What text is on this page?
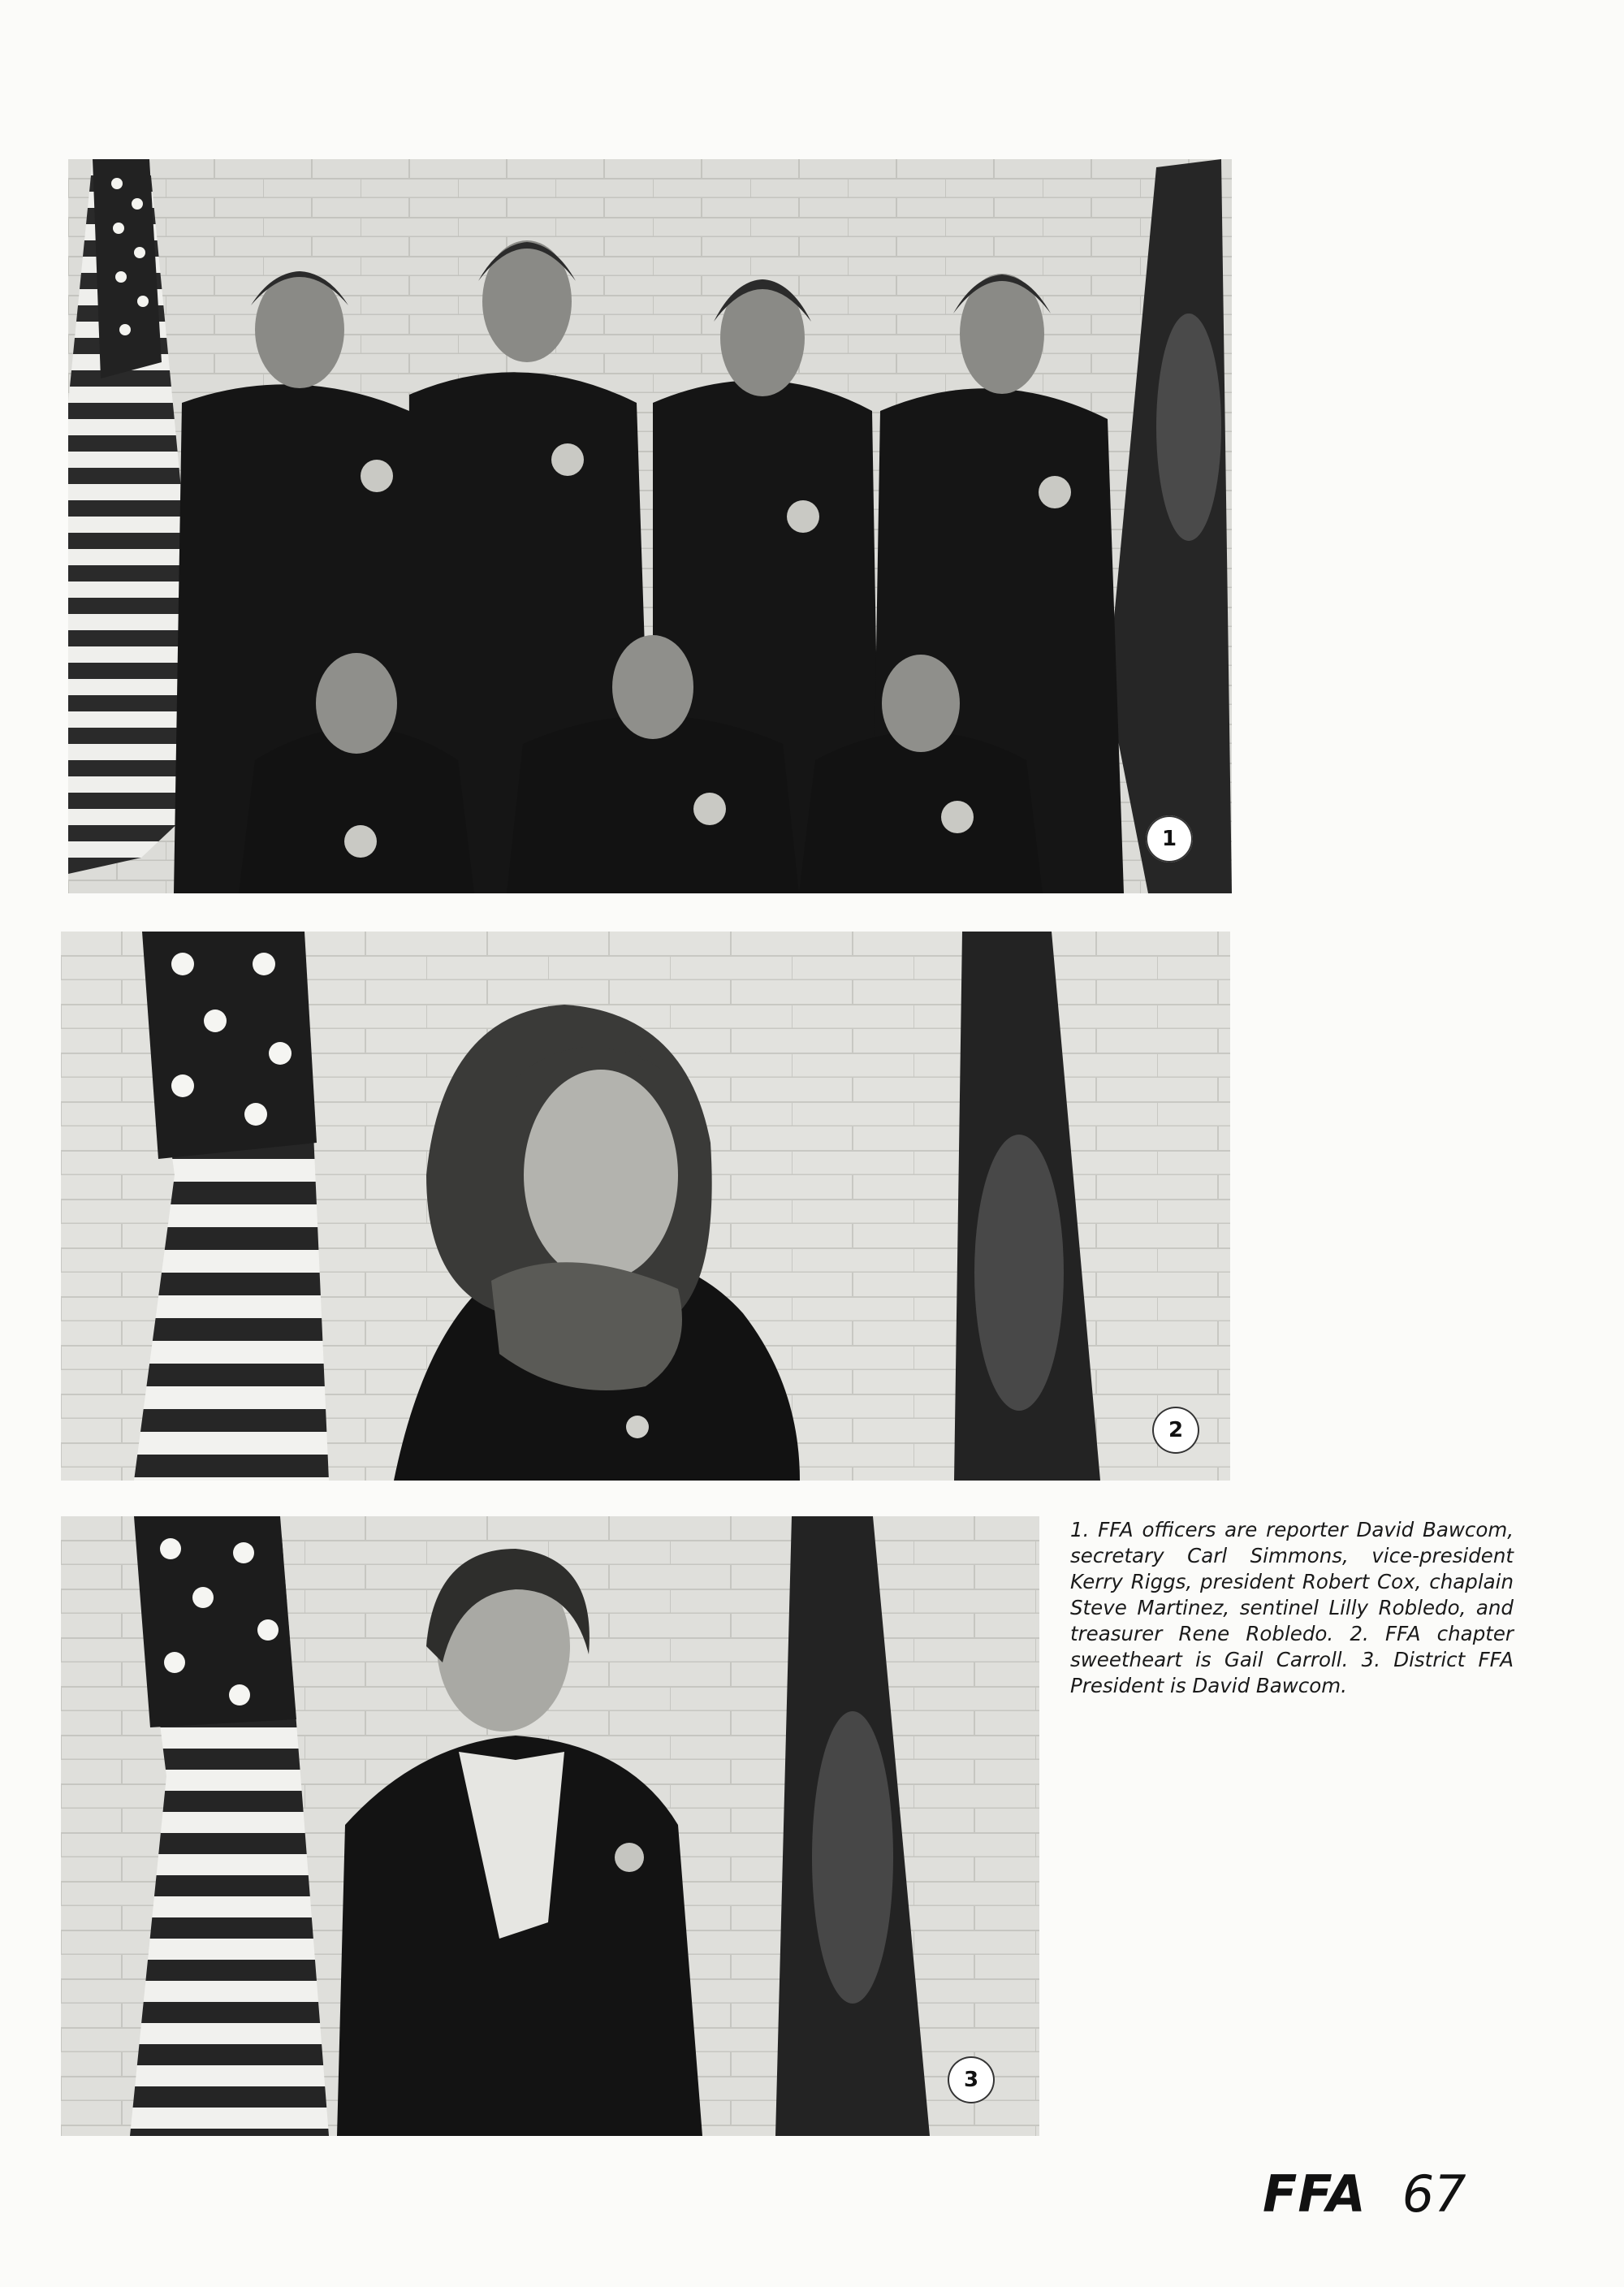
1
2
3

1. FFA officers are reporter David Bawcom, secretary Carl Simmons, vice-president Kerry Riggs, president Robert Cox, chaplain Steve Martinez, sentinel Lilly Robledo, and treasurer Rene Robledo. 2. FFA chapter sweetheart is Gail Carroll. 3. District FFA President is David Bawcom.

FFA 67
